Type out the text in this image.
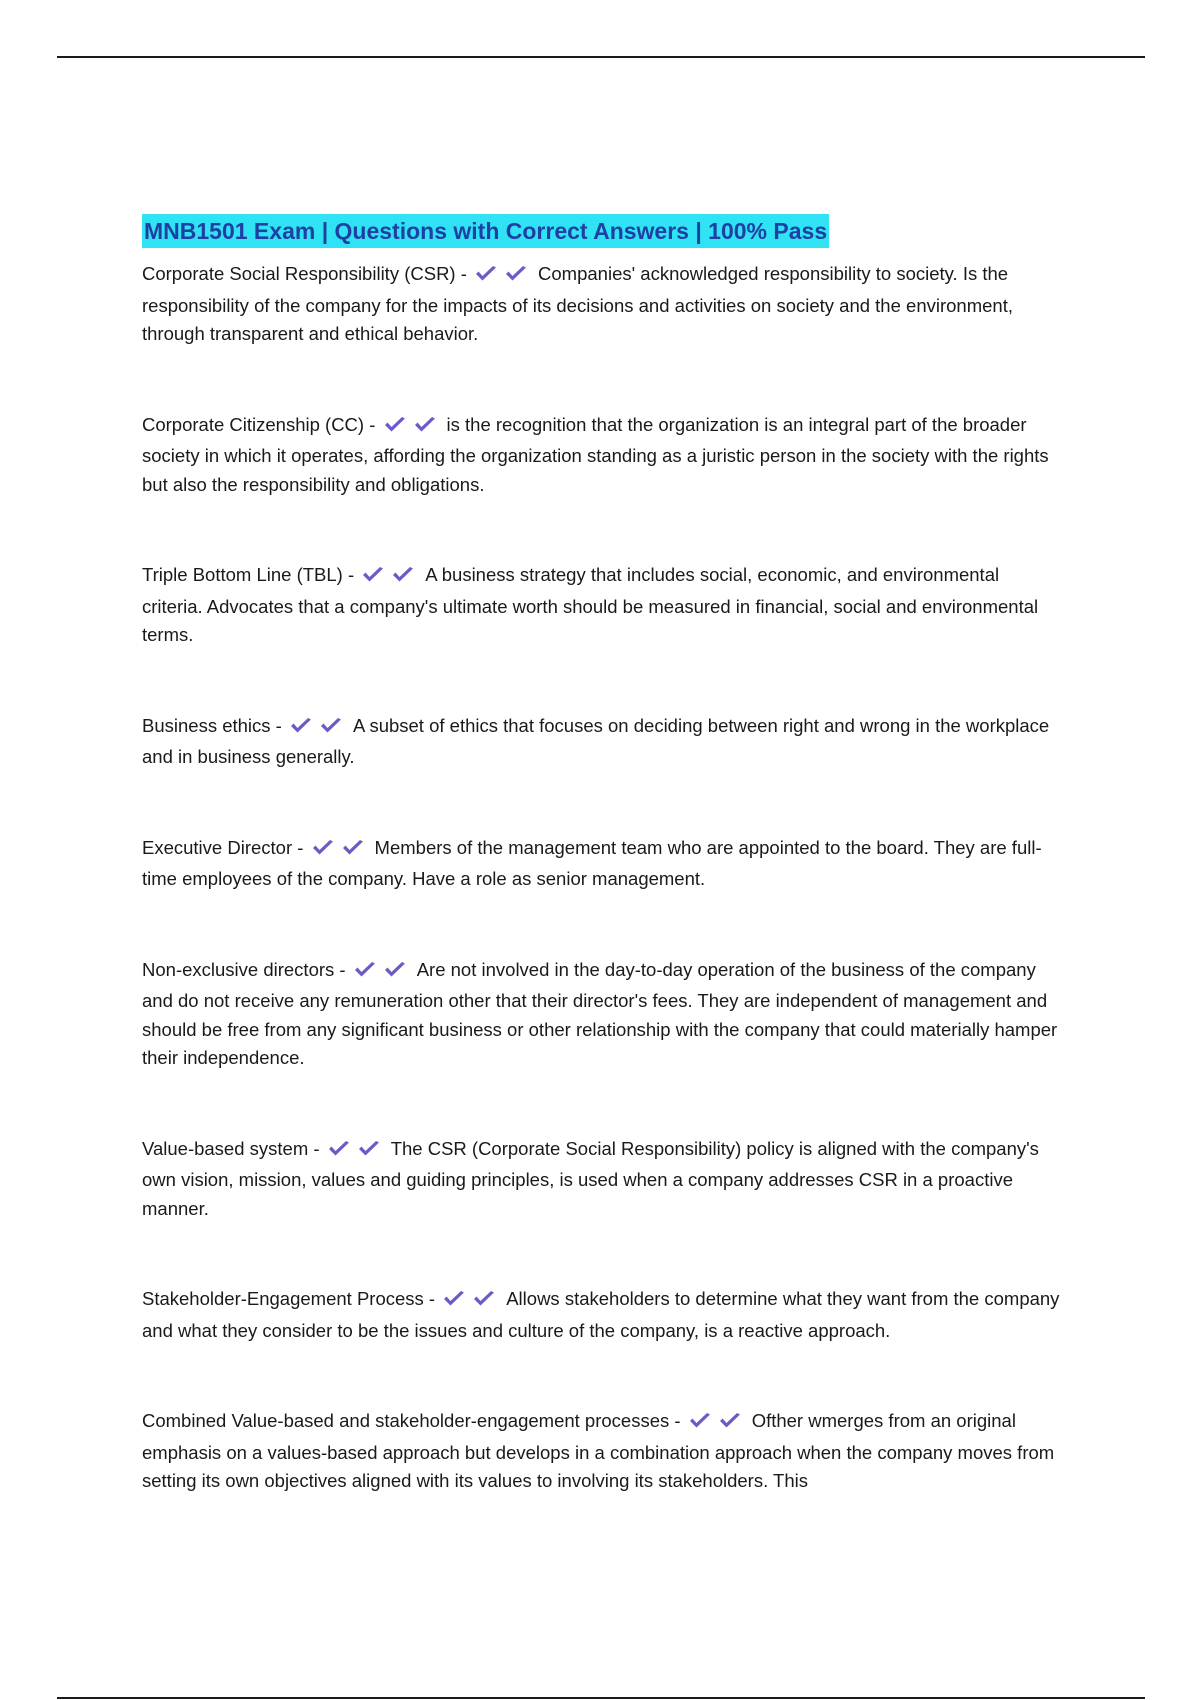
MNB1501 Exam | Questions with Correct Answers | 100% Pass
Corporate Social Responsibility (CSR) -	Companies' acknowledged responsibility to society. Is the responsibility of the company for the impacts of its decisions and activities on society and the environment, through transparent and ethical behavior.
Corporate Citizenship (CC) -	is the recognition that the organization is an integral part of the broader society in which it operates, affording the organization standing as a juristic person in the society with the rights but also the responsibility and obligations.
Triple Bottom Line (TBL) -	A business strategy that includes social, economic, and environmental criteria. Advocates that a company's ultimate worth should be measured in financial, social and environmental terms.
Business ethics -	A subset of ethics that focuses on deciding between right and wrong in the workplace and in business generally.
Executive Director -	Members of the management team who are appointed to the board. They are full-time employees of the company. Have a role as senior management.
Non-exclusive directors -	Are not involved in the day-to-day operation of the business of the company and do not receive any remuneration other that their director's fees. They are independent of management and should be free from any significant business or other relationship with the company that could materially hamper their independence.
Value-based system -	The CSR (Corporate Social Responsibility) policy is aligned with the company's own vision, mission, values and guiding principles, is used when a company addresses CSR in a proactive manner.
Stakeholder-Engagement Process -	Allows stakeholders to determine what they want from the company and what they consider to be the issues and culture of the company, is a reactive approach.
Combined Value-based and stakeholder-engagement processes -	Ofther wmerges from an original emphasis on a values-based approach but develops in a combination approach when the company moves from setting its own objectives aligned with its values to involving its stakeholders. This
